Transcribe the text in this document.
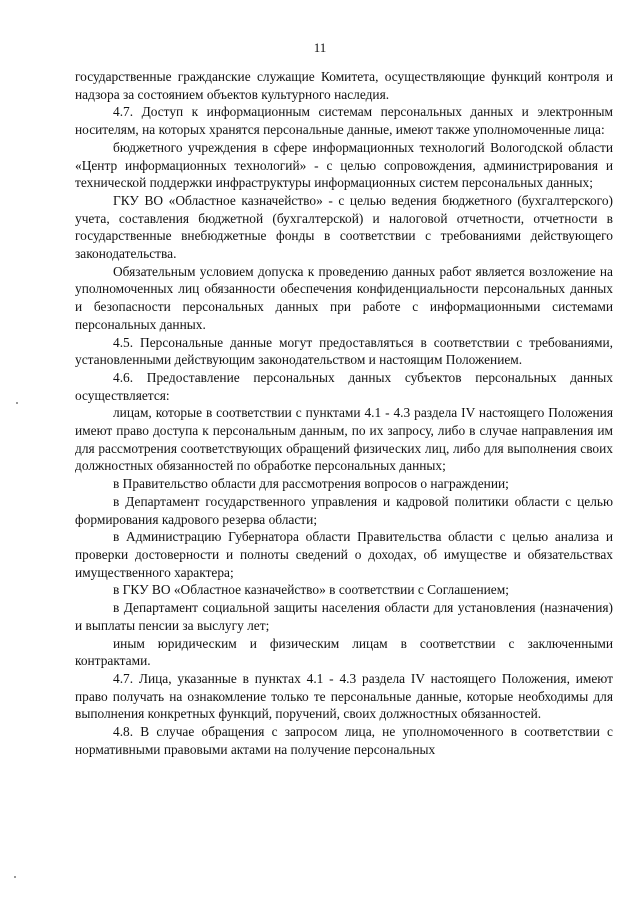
11

государственные гражданские служащие Комитета, осуществляющие функций контроля и надзора за состоянием объектов культурного наследия.

4.7. Доступ к информационным системам персональных данных и электронным носителям, на которых хранятся персональные данные, имеют также уполномоченные лица:

бюджетного учреждения в сфере информационных технологий Вологодской области «Центр информационных технологий» - с целью сопровождения, администрирования и технической поддержки инфраструктуры информационных систем персональных данных;

ГКУ ВО «Областное казначейство» - с целью ведения бюджетного (бухгалтерского) учета, составления бюджетной (бухгалтерской) и налоговой отчетности, отчетности в государственные внебюджетные фонды в соответствии с требованиями действующего законодательства.

Обязательным условием допуска к проведению данных работ является возложение на уполномоченных лиц обязанности обеспечения конфиденциальности персональных данных и безопасности персональных данных при работе с информационными системами персональных данных.

4.5. Персональные данные могут предоставляться в соответствии с требованиями, установленными действующим законодательством и настоящим Положением.

4.6. Предоставление персональных данных субъектов персональных данных осуществляется:

лицам, которые в соответствии с пунктами 4.1 - 4.3 раздела IV настоящего Положения имеют право доступа к персональным данным, по их запросу, либо в случае направления им для рассмотрения соответствующих обращений физических лиц, либо для выполнения своих должностных обязанностей по обработке персональных данных;

в Правительство области для рассмотрения вопросов о награждении;

в Департамент государственного управления и кадровой политики области с целью формирования кадрового резерва области;

в Администрацию Губернатора области Правительства области с целью анализа и проверки достоверности и полноты сведений о доходах, об имуществе и обязательствах имущественного характера;

в ГКУ ВО «Областное казначейство» в соответствии с Соглашением;

в Департамент социальной защиты населения области для установления (назначения) и выплаты пенсии за выслугу лет;

иным юридическим и физическим лицам в соответствии с заключенными контрактами.

4.7. Лица, указанные в пунктах 4.1 - 4.3 раздела IV настоящего Положения, имеют право получать на ознакомление только те персональные данные, которые необходимы для выполнения конкретных функций, поручений, своих должностных обязанностей.

4.8. В случае обращения с запросом лица, не уполномоченного в соответствии с нормативными правовыми актами на получение персональных
